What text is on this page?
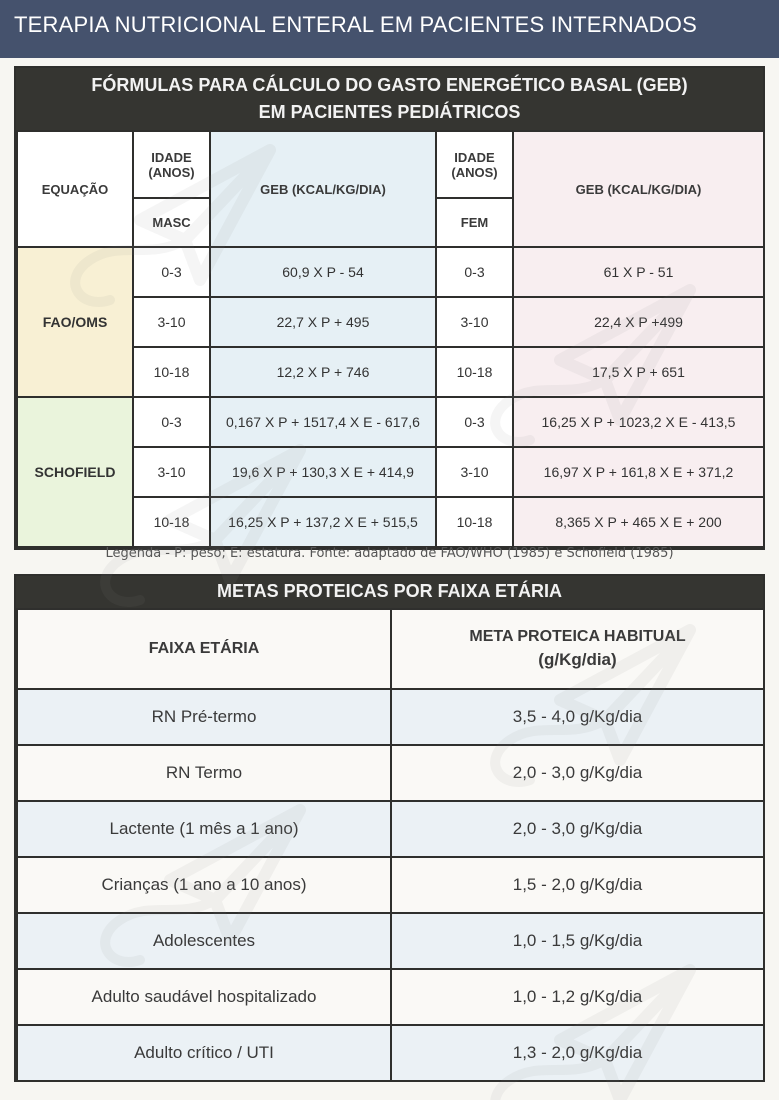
TERAPIA NUTRICIONAL ENTERAL EM PACIENTES INTERNADOS
FÓRMULAS PARA CÁLCULO DO GASTO ENERGÉTICO BASAL (GEB)
EM PACIENTES PEDIÁTRICOS
EQUAÇÃO	IDADE (ANOS)	GEB (KCAL/KG/DIA)	IDADE (ANOS)	GEB (KCAL/KG/DIA)
	MASC		FEM	
FAO/OMS	0-3	60,9 X P - 54	0-3	61 X P - 51
	3-10	22,7 X P + 495	3-10	22,4 X P +499
	10-18	12,2 X P + 746	10-18	17,5 X P + 651
SCHOFIELD	0-3	0,167 X P + 1517,4 X E - 617,6	0-3	16,25 X P + 1023,2 X E - 413,5
	3-10	19,6 X P + 130,3 X E + 414,9	3-10	16,97 X P + 161,8 X E + 371,2
	10-18	16,25 X P + 137,2 X E + 515,5	10-18	8,365 X P + 465 X E + 200
Legenda - P: peso; E: estatura. Fonte: adaptado de FAO/WHO (1985) e Schofield (1985)
METAS PROTEICAS POR FAIXA ETÁRIA
FAIXA ETÁRIA	META PROTEICA HABITUAL
(g/Kg/dia)

RN Pré-termo	3,5 - 4,0 g/Kg/dia
RN Termo	2,0 - 3,0 g/Kg/dia
Lactente (1 mês a 1 ano)	2,0 - 3,0 g/Kg/dia
Crianças (1 ano a 10 anos)	1,5 - 2,0 g/Kg/dia
Adolescentes	1,0 - 1,5 g/Kg/dia
Adulto saudável hospitalizado	1,0 - 1,2 g/Kg/dia
Adulto crítico / UTI	1,3 - 2,0 g/Kg/dia
